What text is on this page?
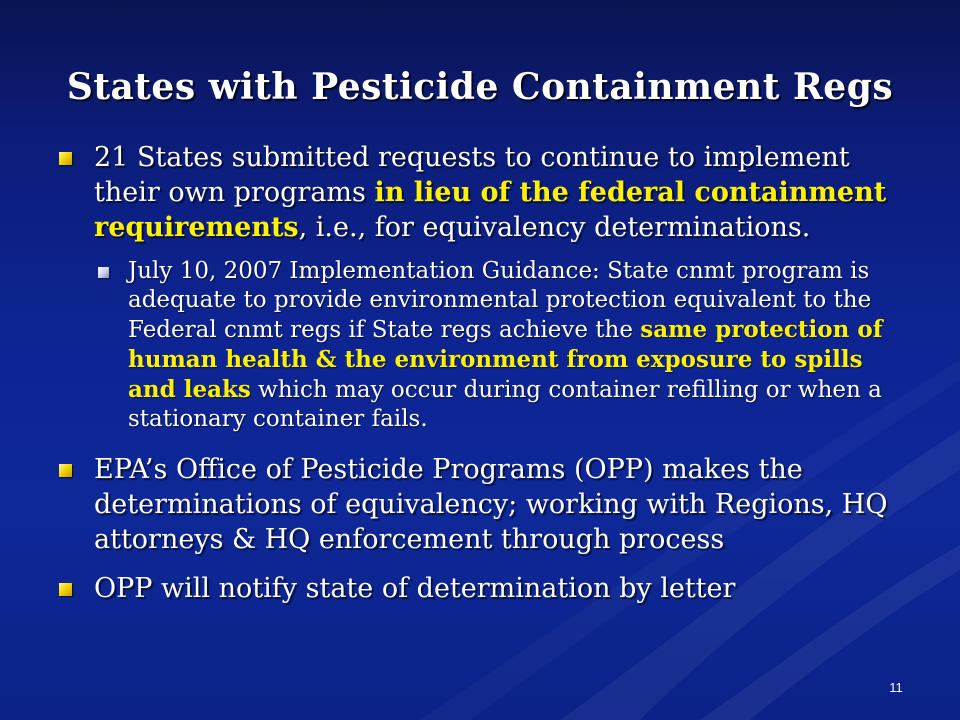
States with Pesticide Containment Regs
21 States submitted requests to continue to implement their own programs in lieu of the federal containment requirements, i.e., for equivalency determinations.
July 10, 2007 Implementation Guidance: State cnmt program is adequate to provide environmental protection equivalent to the Federal cnmt regs if State regs achieve the same protection of human health & the environment from exposure to spills and leaks which may occur during container refilling or when a stationary container fails.
EPA’s Office of Pesticide Programs (OPP) makes the determinations of equivalency; working with Regions, HQ attorneys & HQ enforcement through process
OPP will notify state of determination by letter
11
